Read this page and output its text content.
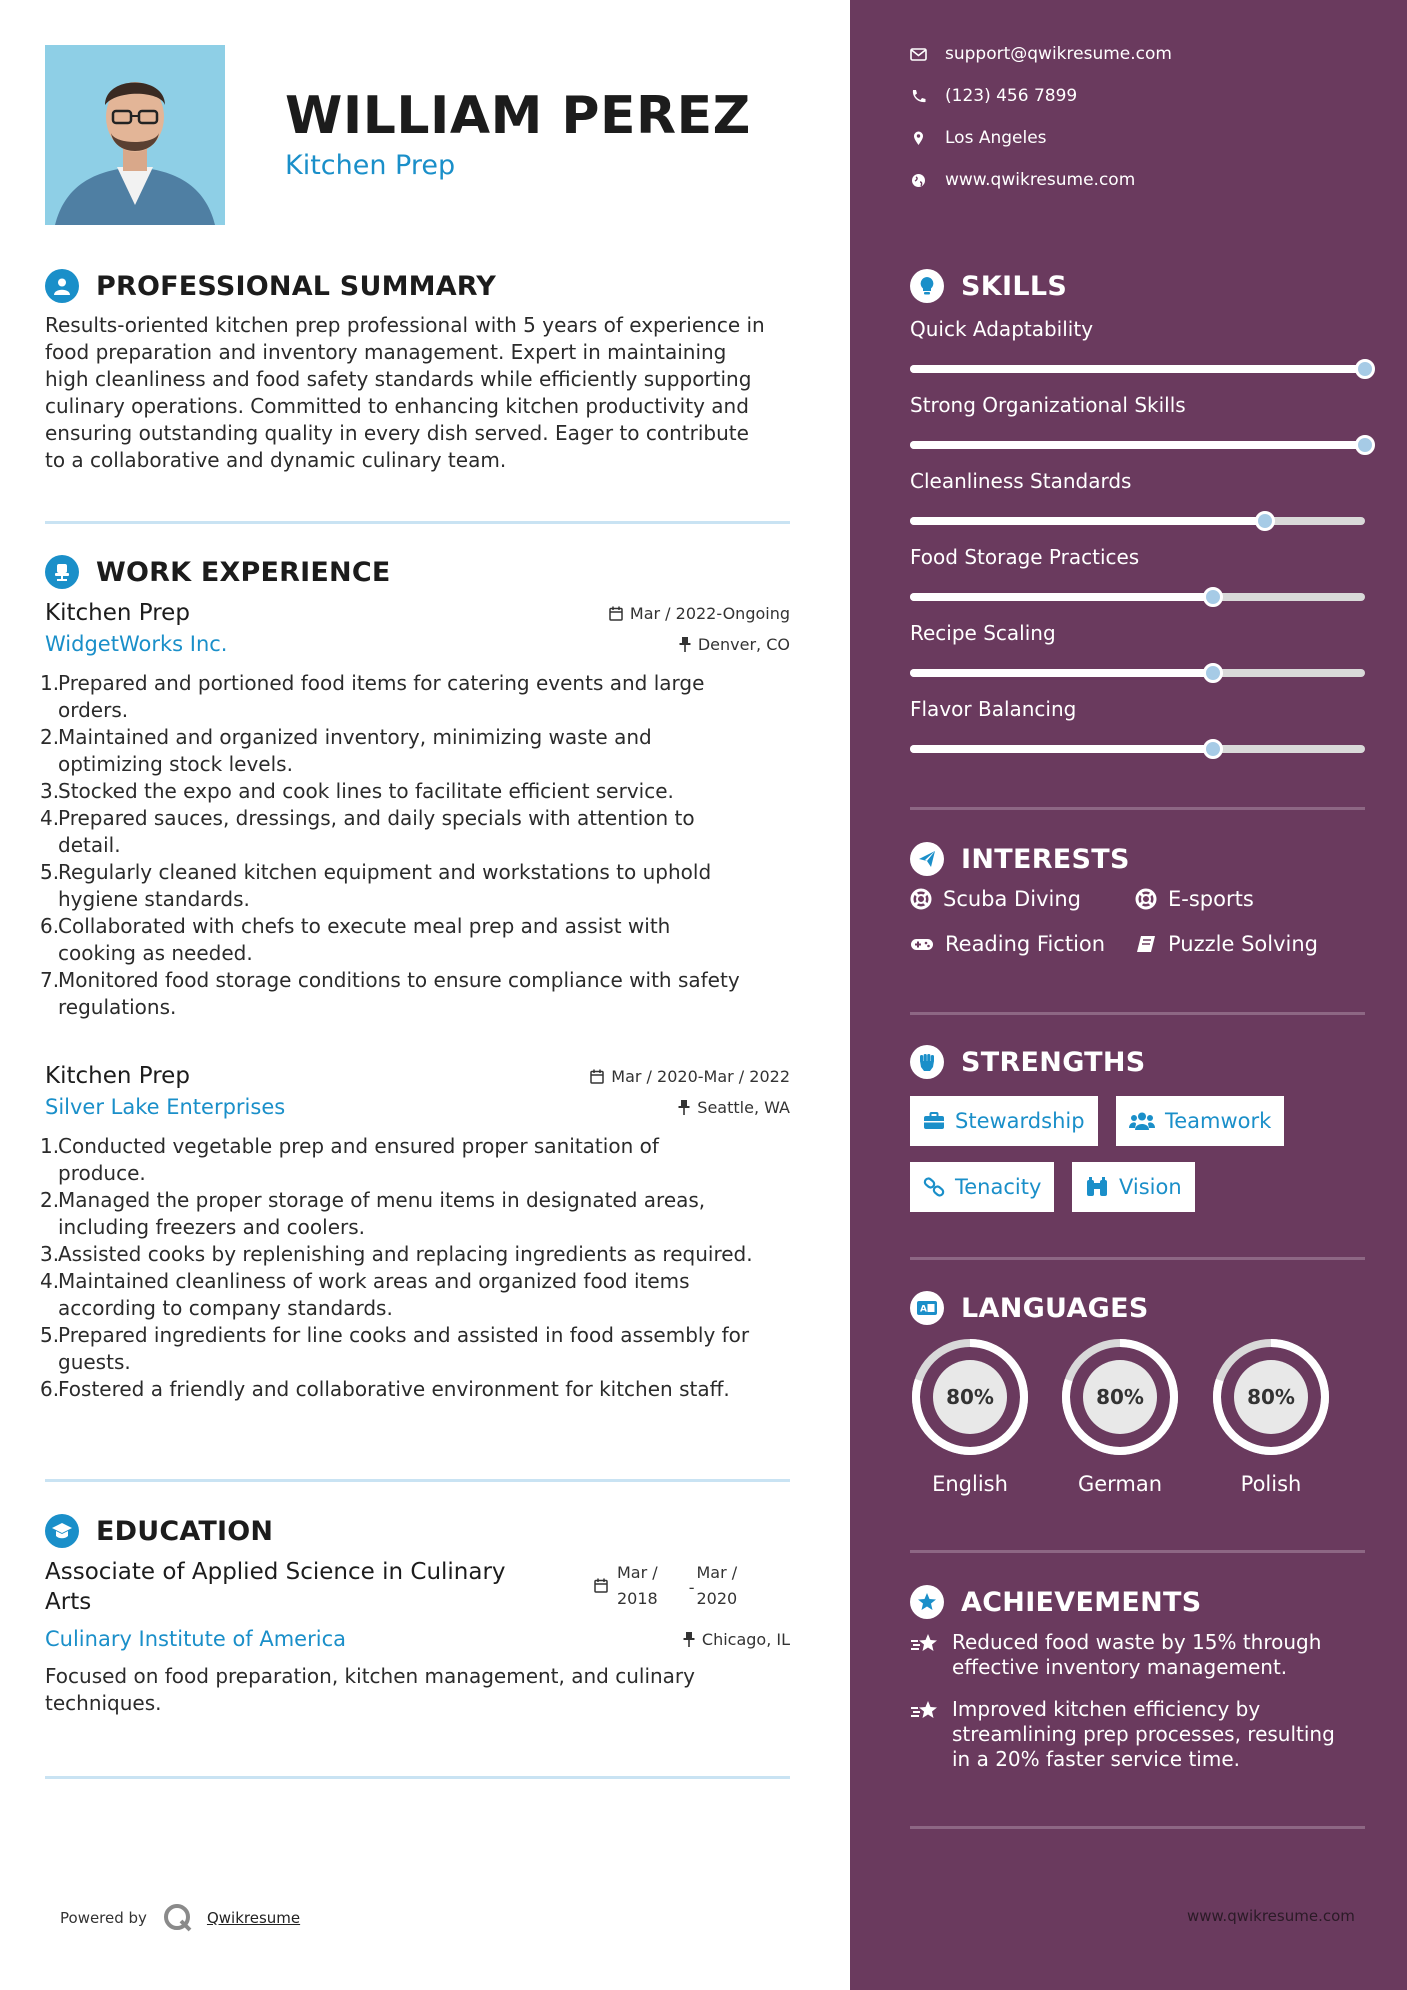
WILLIAM PEREZ
Kitchen Prep
PROFESSIONAL SUMMARY
Results-oriented kitchen prep professional with 5 years of experience in
food preparation and inventory management. Expert in maintaining
high cleanliness and food safety standards while efficiently supporting
culinary operations. Committed to enhancing kitchen productivity and
ensuring outstanding quality in every dish served. Eager to contribute
to a collaborative and dynamic culinary team.
WORK EXPERIENCE
Kitchen Prep	Mar / 2022-Ongoing
WidgetWorks Inc.	Denver, CO
1.
Prepared and portioned food items for catering events and large
orders.
2.
Maintained and organized inventory, minimizing waste and
optimizing stock levels.
3.
Stocked the expo and cook lines to facilitate efficient service.
4.
Prepared sauces, dressings, and daily specials with attention to
detail.
5.
Regularly cleaned kitchen equipment and workstations to uphold
hygiene standards.
6.
Collaborated with chefs to execute meal prep and assist with
cooking as needed.
7.
Monitored food storage conditions to ensure compliance with safety
regulations.
Kitchen Prep	Mar / 2020-Mar / 2022
Silver Lake Enterprises	Seattle, WA
1.
Conducted vegetable prep and ensured proper sanitation of
produce.
2.
Managed the proper storage of menu items in designated areas,
including freezers and coolers.
3.
Assisted cooks by replenishing and replacing ingredients as required.
4.
Maintained cleanliness of work areas and organized food items
according to company standards.
5.
Prepared ingredients for line cooks and assisted in food assembly for
guests.
6.
Fostered a friendly and collaborative environment for kitchen staff.
EDUCATION
Associate of Applied Science in Culinary
Arts
Mar /
2018
-
Mar /
2020
Culinary Institute of America	Chicago, IL
Focused on food preparation, kitchen management, and culinary
techniques.
Powered by	Qwikresume
support@qwikresume.com
(123) 456 7899
Los Angeles
www.qwikresume.com
SKILLS
Quick Adaptability
Strong Organizational Skills
Cleanliness Standards
Food Storage Practices
Recipe Scaling
Flavor Balancing
INTERESTS
Scuba Diving	E-sports
Reading Fiction	Puzzle Solving
STRENGTHS
Stewardship	Teamwork
Tenacity	Vision
A LANGUAGES
80%
English
80%
German
80%
Polish
ACHIEVEMENTS
Reduced food waste by 15% through
effective inventory management.
Improved kitchen efficiency by
streamlining prep processes, resulting
in a 20% faster service time.
www.qwikresume.com
